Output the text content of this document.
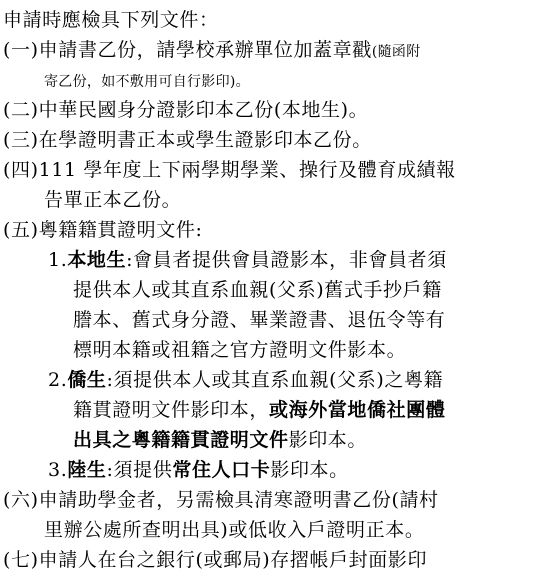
申請時應檢具下列文件：
(一)申請書乙份，請學校承辦單位加蓋章戳(隨函附
寄乙份，如不敷用可自行影印)。
(二)中華民國身分證影印本乙份(本地生)。
(三)在學證明書正本或學生證影印本乙份。
(四)111 學年度上下兩學期學業、操行及體育成績報
告單正本乙份。
(五)粵籍籍貫證明文件:
1.本地生:會員者提供會員證影本，非會員者須
提供本人或其直系血親(父系)舊式手抄戶籍
謄本、舊式身分證、畢業證書、退伍令等有
標明本籍或祖籍之官方證明文件影本。
2.僑生:須提供本人或其直系血親(父系)之粵籍
籍貫證明文件影印本，或海外當地僑社團體
出具之粵籍籍貫證明文件影印本。
3.陸生:須提供常住人口卡影印本。
(六)申請助學金者，另需檢具清寒證明書乙份(請村
里辦公處所查明出具)或低收入戶證明正本。
(七)申請人在台之銀行(或郵局)存摺帳戶封面影印
